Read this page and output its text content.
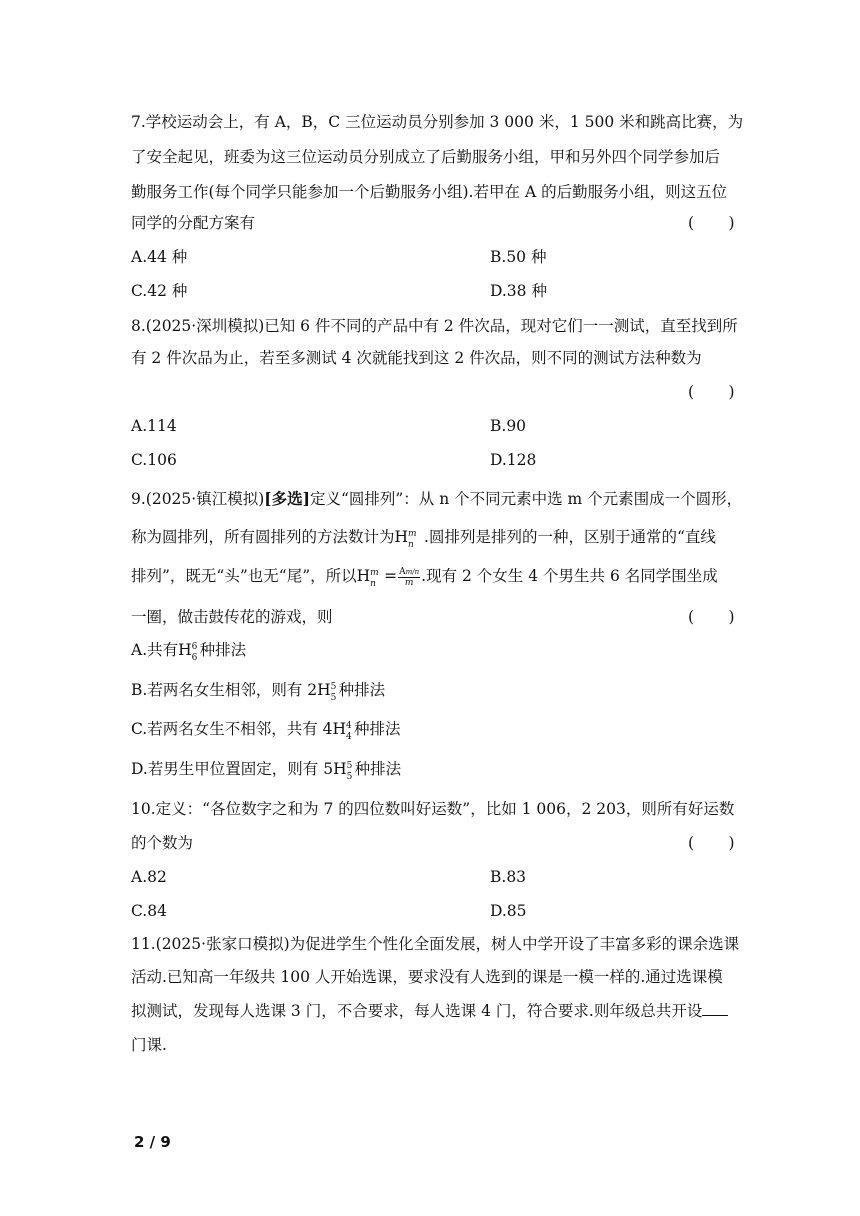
7.学校运动会上，有 A，B，C 三位运动员分别参加 3 000 米，1 500 米和跳高比赛，为
了安全起见，班委为这三位运动员分别成立了后勤服务小组，甲和另外四个同学参加后
勤服务工作(每个同学只能参加一个后勤服务小组).若甲在 A 的后勤服务小组，则这五位
同学的分配方案有	(       )
A.44 种	B.50 种
C.42 种	D.38 种
8.(2025·深圳模拟)已知 6 件不同的产品中有 2 件次品，现对它们一一测试，直至找到所
有 2 件次品为止，若至多测试 4 次就能找到这 2 件次品，则不同的测试方法种数为
(       )
A.114	B.90
C.106	D.128
9.(2025·镇江模拟)[多选]定义“圆排列”：从 n 个不同元素中选 m 个元素围成一个圆形，
称为圆排列，所有圆排列的方法数计为H m
n .圆排列是排列的一种，区别于通常的“直线
排列”，既无“头”也无“尾”，所以H m
$n = \frac{Am/n}{m}$ .现有 2 个女生 4 个男生共 6 名同学围坐成
一圈，做击鼓传花的游戏，则	(       )
A.共有H 6
6 种排法
B.若两名女生相邻，则有 2H 5
5 种排法
C.若两名女生不相邻，共有 4H 4
4 种排法
D.若男生甲位置固定，则有 5H 5
5 种排法
10.定义：“各位数字之和为 7 的四位数叫好运数”，比如 1 006，2 203，则所有好运数
的个数为	(       )
A.82	B.83
C.84	D.85
11.(2025·张家口模拟)为促进学生个性化全面发展，树人中学开设了丰富多彩的课余选课
活动.已知高一年级共 100 人开始选课，要求没有人选到的课是一模一样的.通过选课模
拟测试，发现每人选课 3 门，不合要求，每人选课 4 门，符合要求.则年级总共开设
门课.
2 / 9
